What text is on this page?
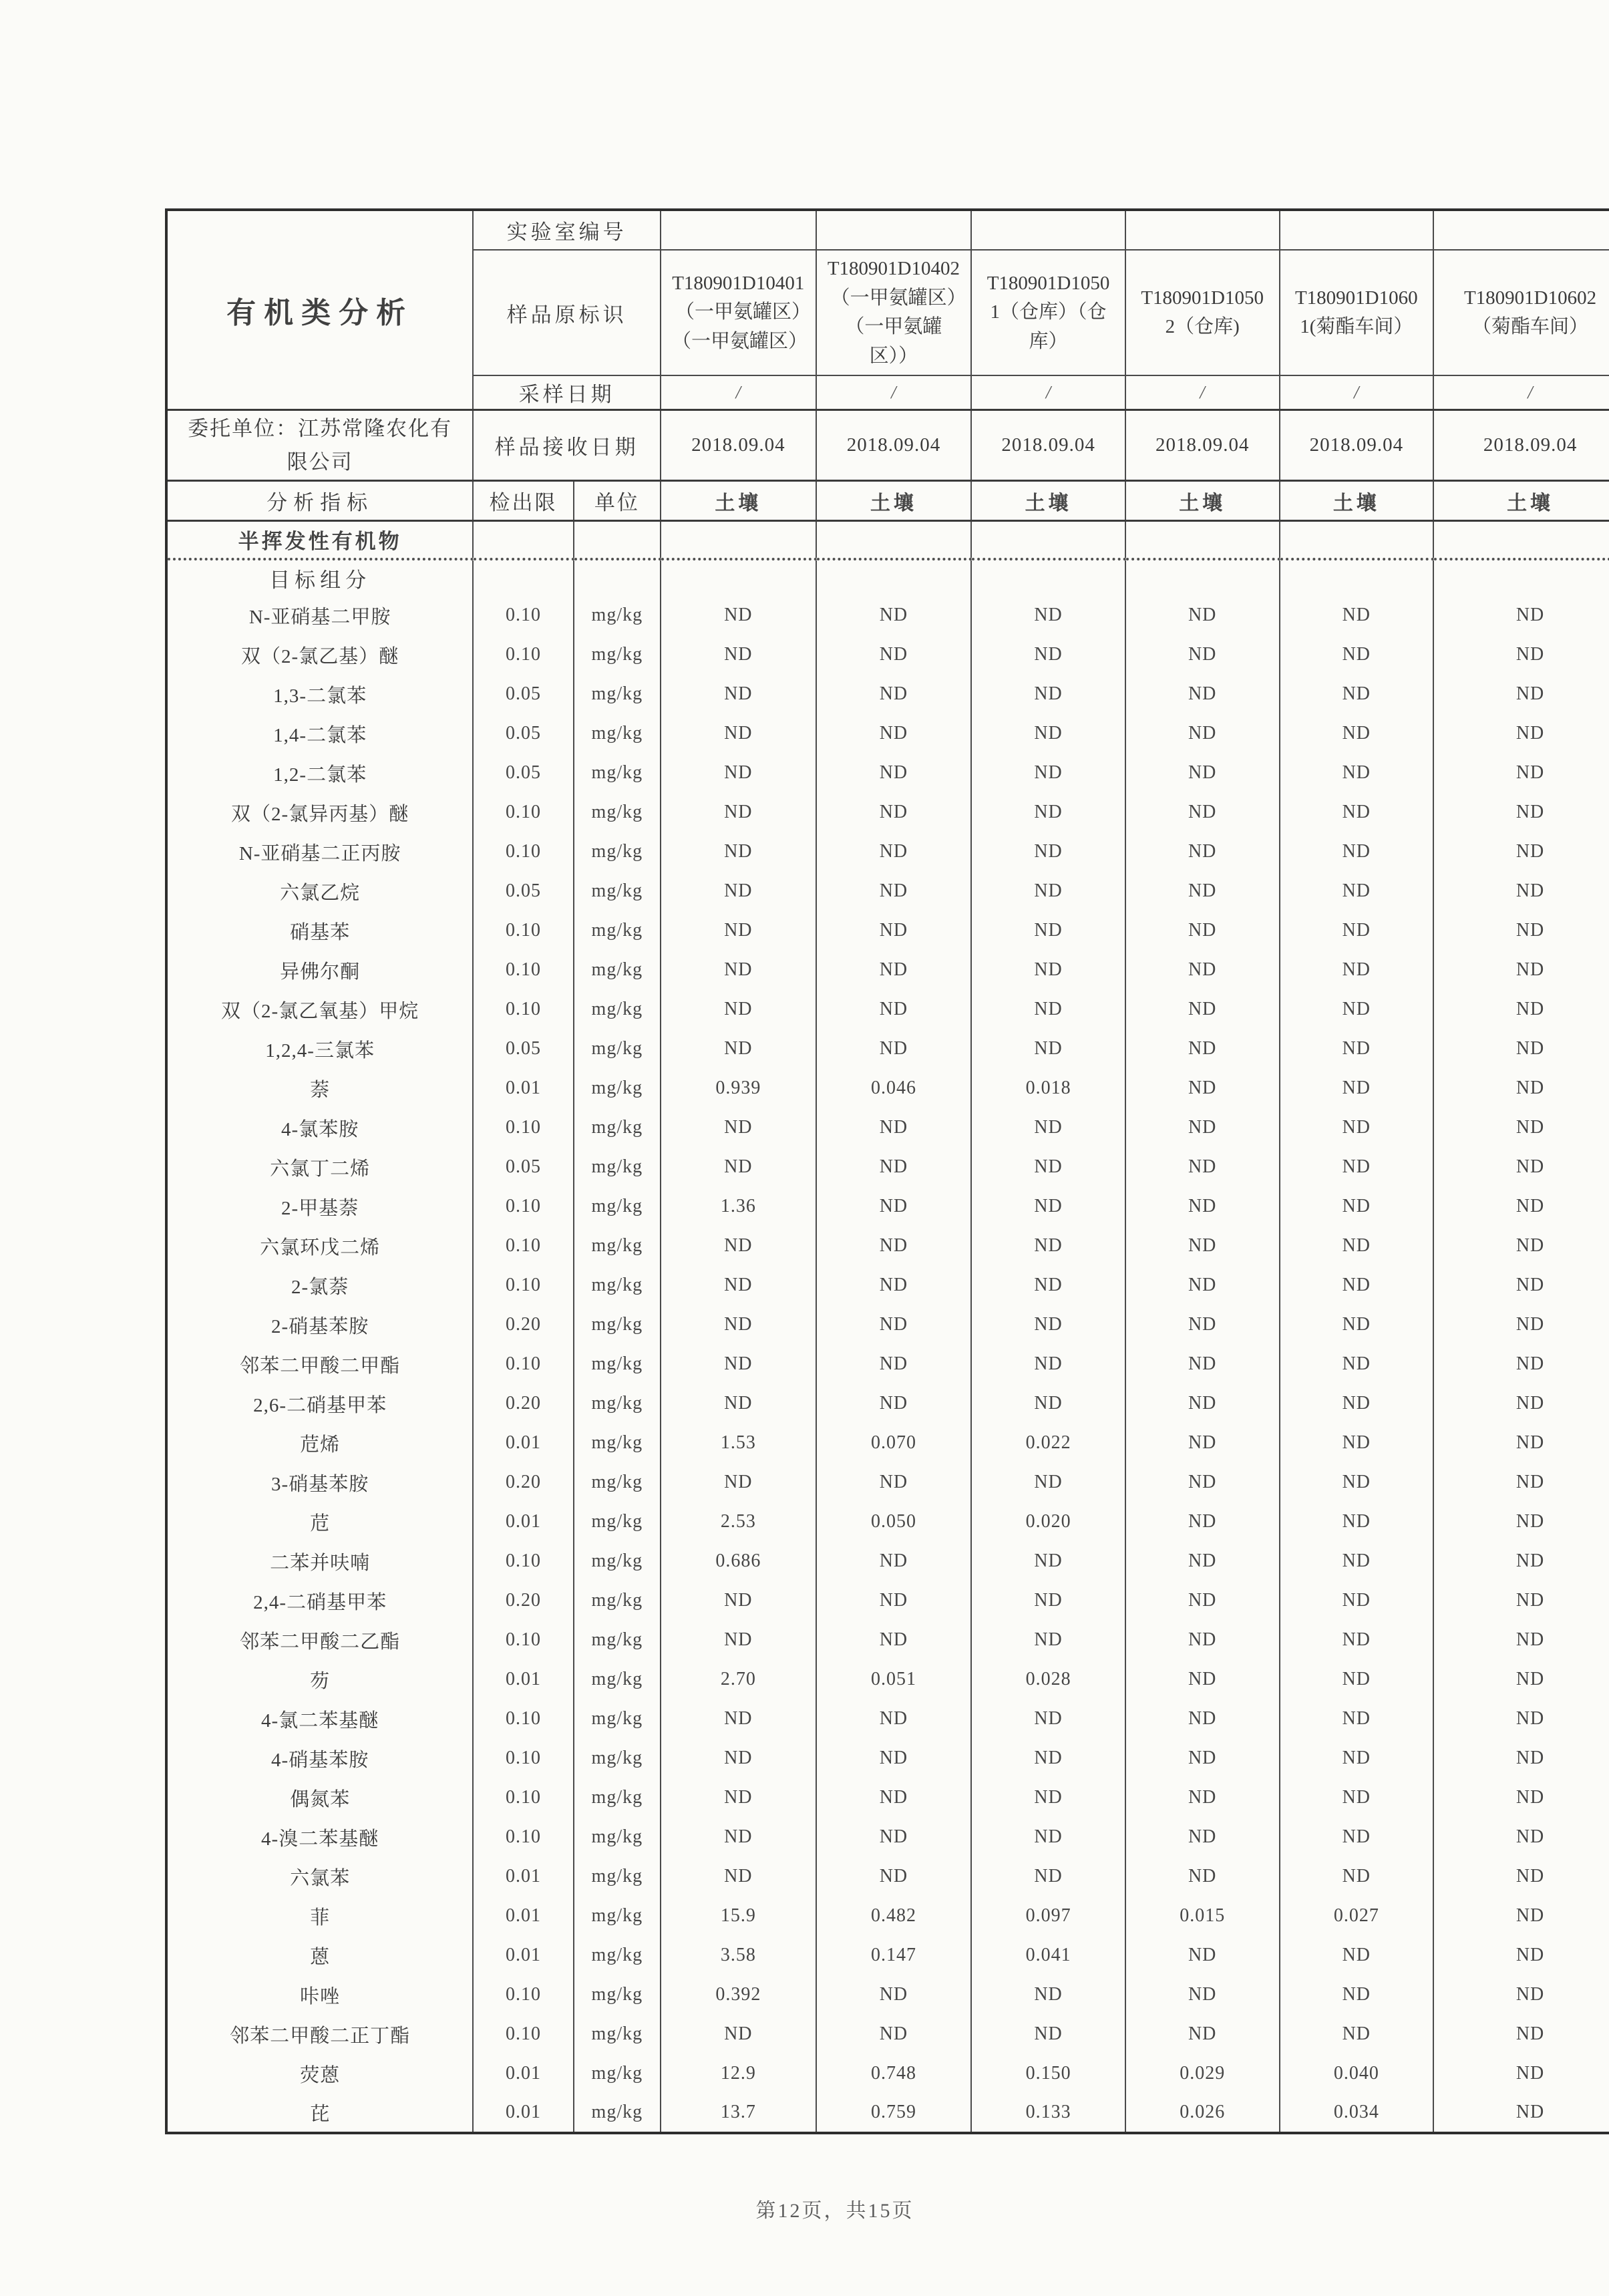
有机类分析	实验室编号							
	样品原标识		T180901D10401（一甲氨罐区）（一甲氨罐区）	T180901D10402（一甲氨罐区）（一甲氨罐区））	T180901D10501（仓库）（仓库）	T180901D10502（仓库)	T180901D10601(菊酯车间）	T180901D10602（菊酯车间）

	采样日期		/	/	/	/	/	/

委托单位：江苏常隆农化有限公司	样品接收日期		2018.09.04	2018.09.04	2018.09.04	2018.09.04	2018.09.04	2018.09.04
分析指标	检出限	单位	土壤	土壤	土壤	土壤	土壤	土壤
半挥发性有机物								
目标组分								
N-亚硝基二甲胺	0.10	mg/kg	ND	ND	ND	ND	ND	ND
双（2-氯乙基）醚	0.10	mg/kg	ND	ND	ND	ND	ND	ND
1,3-二氯苯	0.05	mg/kg	ND	ND	ND	ND	ND	ND
1,4-二氯苯	0.05	mg/kg	ND	ND	ND	ND	ND	ND
1,2-二氯苯	0.05	mg/kg	ND	ND	ND	ND	ND	ND
双（2-氯异丙基）醚	0.10	mg/kg	ND	ND	ND	ND	ND	ND
N-亚硝基二正丙胺	0.10	mg/kg	ND	ND	ND	ND	ND	ND
六氯乙烷	0.05	mg/kg	ND	ND	ND	ND	ND	ND
硝基苯	0.10	mg/kg	ND	ND	ND	ND	ND	ND
异佛尔酮	0.10	mg/kg	ND	ND	ND	ND	ND	ND
双（2-氯乙氧基）甲烷	0.10	mg/kg	ND	ND	ND	ND	ND	ND
1,2,4-三氯苯	0.05	mg/kg	ND	ND	ND	ND	ND	ND
萘	0.01	mg/kg	0.939	0.046	0.018	ND	ND	ND
4-氯苯胺	0.10	mg/kg	ND	ND	ND	ND	ND	ND
六氯丁二烯	0.05	mg/kg	ND	ND	ND	ND	ND	ND
2-甲基萘	0.10	mg/kg	1.36	ND	ND	ND	ND	ND
六氯环戊二烯	0.10	mg/kg	ND	ND	ND	ND	ND	ND
2-氯萘	0.10	mg/kg	ND	ND	ND	ND	ND	ND
2-硝基苯胺	0.20	mg/kg	ND	ND	ND	ND	ND	ND
邻苯二甲酸二甲酯	0.10	mg/kg	ND	ND	ND	ND	ND	ND
2,6-二硝基甲苯	0.20	mg/kg	ND	ND	ND	ND	ND	ND
苊烯	0.01	mg/kg	1.53	0.070	0.022	ND	ND	ND
3-硝基苯胺	0.20	mg/kg	ND	ND	ND	ND	ND	ND
苊	0.01	mg/kg	2.53	0.050	0.020	ND	ND	ND
二苯并呋喃	0.10	mg/kg	0.686	ND	ND	ND	ND	ND
2,4-二硝基甲苯	0.20	mg/kg	ND	ND	ND	ND	ND	ND
邻苯二甲酸二乙酯	0.10	mg/kg	ND	ND	ND	ND	ND	ND
芴	0.01	mg/kg	2.70	0.051	0.028	ND	ND	ND
4-氯二苯基醚	0.10	mg/kg	ND	ND	ND	ND	ND	ND
4-硝基苯胺	0.10	mg/kg	ND	ND	ND	ND	ND	ND
偶氮苯	0.10	mg/kg	ND	ND	ND	ND	ND	ND
4-溴二苯基醚	0.10	mg/kg	ND	ND	ND	ND	ND	ND
六氯苯	0.01	mg/kg	ND	ND	ND	ND	ND	ND
菲	0.01	mg/kg	15.9	0.482	0.097	0.015	0.027	ND
蒽	0.01	mg/kg	3.58	0.147	0.041	ND	ND	ND
咔唑	0.10	mg/kg	0.392	ND	ND	ND	ND	ND
邻苯二甲酸二正丁酯	0.10	mg/kg	ND	ND	ND	ND	ND	ND
荧蒽	0.01	mg/kg	12.9	0.748	0.150	0.029	0.040	ND
芘	0.01	mg/kg	13.7	0.759	0.133	0.026	0.034	ND
第12页，共15页
